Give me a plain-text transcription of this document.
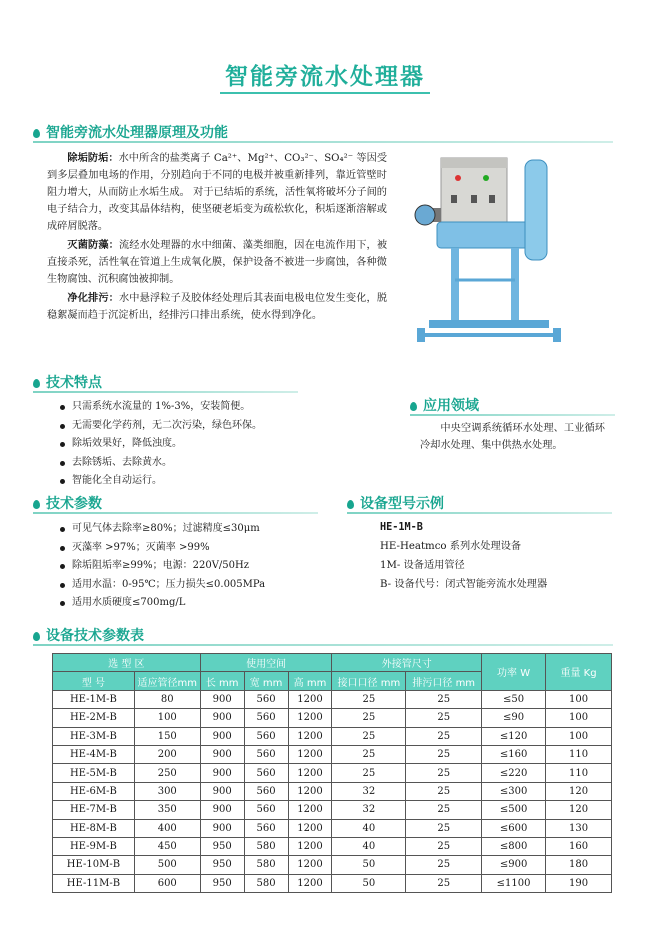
智能旁流水处理器
智能旁流水处理器原理及功能
除垢防垢：水中所含的盐类离子 Ca²⁺、Mg²⁺、CO₃²⁻、SO₄²⁻ 等因受到多层叠加电场的作用，分别趋向于不同的电极并被重新排列，靠近管壁时阻力增大，从而防止水垢生成。 对于已结垢的系统，活性氧将破坏分子间的电子结合力，改变其晶体结构，使坚硬老垢变为疏松软化，积垢逐渐溶解或成碎屑脱落。
灭菌防藻：流经水处理器的水中细菌、藻类细胞，因在电流作用下，被直接杀死，活性氧在管道上生成氧化膜，保护设备不被进一步腐蚀，各种微生物腐蚀、沉积腐蚀被抑制。
净化排污：水中悬浮粒子及胶体经处理后其表面电极电位发生变化，脱稳絮凝而趋于沉淀析出，经排污口排出系统，使水得到净化。
技术特点
只需系统水流量的 1%-3%，安装简便。
无需要化学药剂，无二次污染，绿色环保。
除垢效果好，降低浊度。
去除锈垢、去除黄水。
智能化全自动运行。
应用领域
中央空调系统循环水处理、工业循环冷却水处理、集中供热水处理。
技术参数
可见气体去除率≥80%；过滤精度≤30μm
灭藻率 >97%；灭菌率 >99%
除垢阻垢率≥99%；电源：220V/50Hz
适用水温：0-95℃；压力损失≤0.005MPa
适用水质硬度≤700mg/L
设备型号示例
HE-1M-B
HE-Heatmco 系列水处理设备
1M- 设备适用管径
B- 设备代号：闭式智能旁流水处理器
设备技术参数表
选 型 区		使用空间			外接管尺寸		功率 W	重量 Kg
型 号	适应管径mm	长 mm	宽 mm	高 mm	接口口径 mm	排污口径 mm		
HE-1M-B	80	900	560	1200	25	25	≤50	100
HE-2M-B	100	900	560	1200	25	25	≤90	100
HE-3M-B	150	900	560	1200	25	25	≤120	100
HE-4M-B	200	900	560	1200	25	25	≤160	110
HE-5M-B	250	900	560	1200	25	25	≤220	110
HE-6M-B	300	900	560	1200	32	25	≤300	120
HE-7M-B	350	900	560	1200	32	25	≤500	120
HE-8M-B	400	900	560	1200	40	25	≤600	130
HE-9M-B	450	950	580	1200	40	25	≤800	160
HE-10M-B	500	950	580	1200	50	25	≤900	180
HE-11M-B	600	950	580	1200	50	25	≤1100	190
